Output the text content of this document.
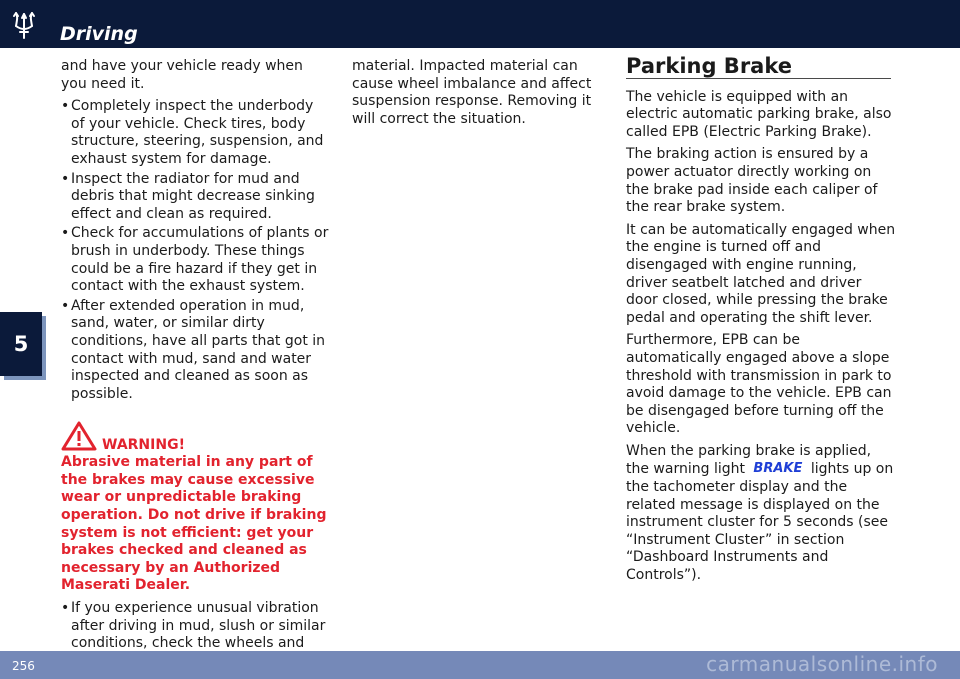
Driving
5

and have your vehicle ready when you need it.

• Completely inspect the underbody of your vehicle. Check tires, body structure, steering, suspension, and exhaust system for damage.
• Inspect the radiator for mud and debris that might decrease sinking effect and clean as required.
• Check for accumulations of plants or brush in underbody. These things could be a fire hazard if they get in contact with the exhaust system.
• After extended operation in mud, sand, water, or similar dirty conditions, have all parts that got in contact with mud, sand and water inspected and cleaned as soon as possible.
WARNING!

Abrasive material in any part of the brakes may cause excessive wear or unpredictable braking operation. Do not drive if braking system is not efficient: get your brakes checked and cleaned as necessary by an Authorized Maserati Dealer.

• If you experience unusual vibration after driving in mud, slush or similar conditions, check the wheels and

material. Impacted material can cause wheel imbalance and affect suspension response. Removing it will correct the situation.

Parking Brake

The vehicle is equipped with an electric automatic parking brake, also called EPB (Electric Parking Brake).

The braking action is ensured by a power actuator directly working on the brake pad inside each caliper of the rear brake system.

It can be automatically engaged when the engine is turned off and disengaged with engine running, driver seatbelt latched and driver door closed, while pressing the brake pedal and operating the shift lever.

Furthermore, EPB can be automatically engaged above a slope threshold with transmission in park to avoid damage to the vehicle. EPB can be disengaged before turning off the vehicle.

When the parking brake is applied, the warning light BRAKE lights up on the tachometer display and the related message is displayed on the instrument cluster for 5 seconds (see “Instrument Cluster” in section “Dashboard Instruments and Controls”).

256	carmanualsonline.info
